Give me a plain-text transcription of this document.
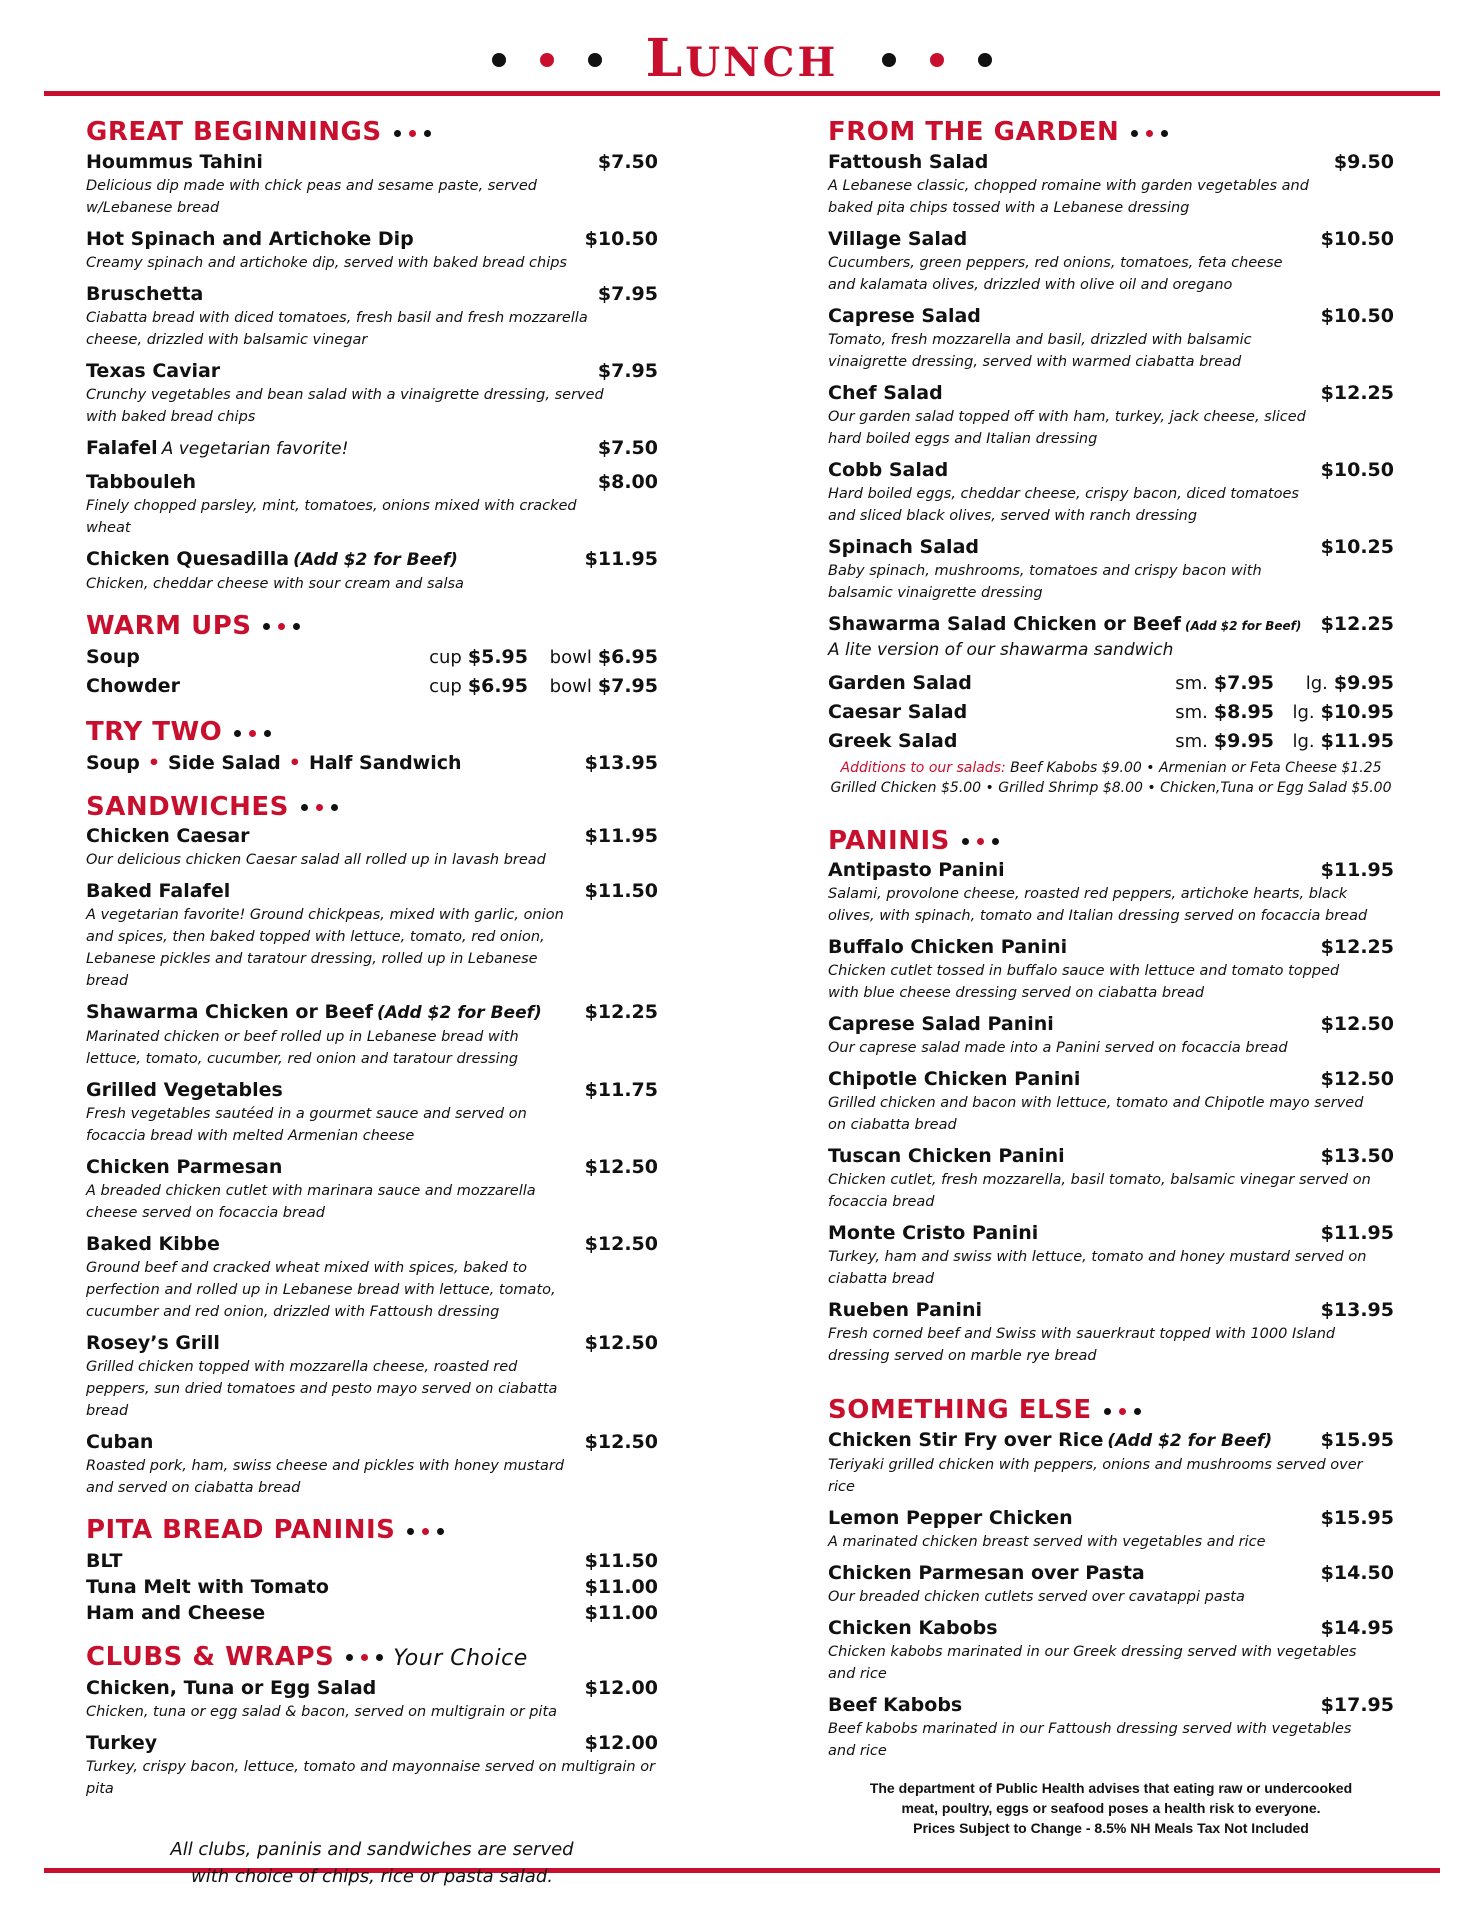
LUNCH
GREAT BEGINNINGS
Hoummus Tahini	$7.50
Delicious dip made with chick peas and sesame paste, served w/Lebanese bread
Hot Spinach and Artichoke Dip	$10.50
Creamy spinach and artichoke dip, served with baked bread chips
Bruschetta	$7.95
Ciabatta bread with diced tomatoes, fresh basil and fresh mozzarella cheese, drizzled with balsamic vinegar
Texas Caviar	$7.95
Crunchy vegetables and bean salad with a vinaigrette dressing, served with baked bread chips
Falafel A vegetarian favorite!	$7.50
Tabbouleh	$8.00
Finely chopped parsley, mint, tomatoes, onions mixed with cracked wheat
Chicken Quesadilla (Add $2 for Beef)	$11.95
Chicken, cheddar cheese with sour cream and salsa
WARM UPS
Soup	cup $5.95	bowl $6.95
Chowder	cup $6.95	bowl $7.95
TRY TWO
Soup • Side Salad • Half Sandwich	$13.95
SANDWICHES
Chicken Caesar	$11.95
Our delicious chicken Caesar salad all rolled up in lavash bread
Baked Falafel	$11.50
A vegetarian favorite! Ground chickpeas, mixed with garlic, onion and spices, then baked topped with lettuce, tomato, red onion, Lebanese pickles and taratour dressing, rolled up in Lebanese bread
Shawarma Chicken or Beef (Add $2 for Beef) $12.25
Marinated chicken or beef rolled up in Lebanese bread with lettuce, tomato, cucumber, red onion and taratour dressing
Grilled Vegetables	$11.75
Fresh vegetables sautéed in a gourmet sauce and served on focaccia bread with melted Armenian cheese
Chicken Parmesan	$12.50
A breaded chicken cutlet with marinara sauce and mozzarella cheese served on focaccia bread
Baked Kibbe	$12.50
Ground beef and cracked wheat mixed with spices, baked to perfection and rolled up in Lebanese bread with lettuce, tomato, cucumber and red onion, drizzled with Fattoush dressing
Rosey’s Grill	$12.50
Grilled chicken topped with mozzarella cheese, roasted red peppers, sun dried tomatoes and pesto mayo served on ciabatta bread
Cuban	$12.50
Roasted pork, ham, swiss cheese and pickles with honey mustard and served on ciabatta bread
PITA BREAD PANINIS
BLT	$11.50
Tuna Melt with Tomato	$11.00
Ham and Cheese	$11.00
CLUBS & WRAPS	Your Choice
Chicken, Tuna or Egg Salad	$12.00
Chicken, tuna or egg salad & bacon, served on multigrain or pita
Turkey	$12.00
Turkey, crispy bacon, lettuce, tomato and mayonnaise served on multigrain or pita
All clubs, paninis and sandwiches are served with choice of chips, rice or pasta salad.
FROM THE GARDEN
Fattoush Salad	$9.50
A Lebanese classic, chopped romaine with garden vegetables and baked pita chips tossed with a Lebanese dressing
Village Salad	$10.50
Cucumbers, green peppers, red onions, tomatoes, feta cheese and kalamata olives, drizzled with olive oil and oregano
Caprese Salad	$10.50
Tomato, fresh mozzarella and basil, drizzled with balsamic vinaigrette dressing, served with warmed ciabatta bread
Chef Salad	$12.25
Our garden salad topped off with ham, turkey, jack cheese, sliced hard boiled eggs and Italian dressing
Cobb Salad	$10.50
Hard boiled eggs, cheddar cheese, crispy bacon, diced tomatoes and sliced black olives, served with ranch dressing
Spinach Salad	$10.25
Baby spinach, mushrooms, tomatoes and crispy bacon with balsamic vinaigrette dressing
Shawarma Salad Chicken or Beef (Add $2 for Beef) $12.25
A lite version of our shawarma sandwich
Garden Salad	sm. $7.95	lg. $9.95
Caesar Salad	sm. $8.95	lg. $10.95
Greek Salad	sm. $9.95	lg. $11.95
Additions to our salads: Beef Kabobs $9.00 • Armenian or Feta Cheese $1.25
Grilled Chicken $5.00 • Grilled Shrimp $8.00 • Chicken,Tuna or Egg Salad $5.00
PANINIS
Antipasto Panini	$11.95
Salami, provolone cheese, roasted red peppers, artichoke hearts, black olives, with spinach, tomato and Italian dressing served on focaccia bread
Buffalo Chicken Panini	$12.25
Chicken cutlet tossed in buffalo sauce with lettuce and tomato topped with blue cheese dressing served on ciabatta bread
Caprese Salad Panini	$12.50
Our caprese salad made into a Panini served on focaccia bread
Chipotle Chicken Panini	$12.50
Grilled chicken and bacon with lettuce, tomato and Chipotle mayo served on ciabatta bread
Tuscan Chicken Panini	$13.50
Chicken cutlet, fresh mozzarella, basil tomato, balsamic vinegar served on focaccia bread
Monte Cristo Panini	$11.95
Turkey, ham and swiss with lettuce, tomato and honey mustard served on ciabatta bread
Rueben Panini	$13.95
Fresh corned beef and Swiss with sauerkraut topped with 1000 Island dressing served on marble rye bread
SOMETHING ELSE
Chicken Stir Fry over Rice (Add $2 for Beef)	$15.95
Teriyaki grilled chicken with peppers, onions and mushrooms served over rice
Lemon Pepper Chicken	$15.95
A marinated chicken breast served with vegetables and rice
Chicken Parmesan over Pasta	$14.50
Our breaded chicken cutlets served over cavatappi pasta
Chicken Kabobs	$14.95
Chicken kabobs marinated in our Greek dressing served with vegetables and rice
Beef Kabobs	$17.95
Beef kabobs marinated in our Fattoush dressing served with vegetables and rice
The department of Public Health advises that eating raw or undercooked
meat, poultry, eggs or seafood poses a health risk to everyone.
Prices Subject to Change - 8.5% NH Meals Tax Not Included
